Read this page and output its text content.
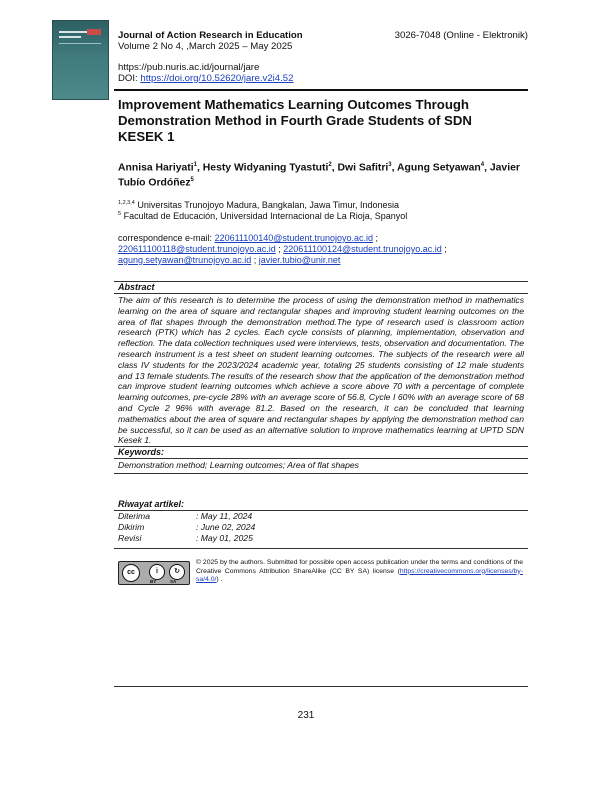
Journal of Action Research in Education
Volume 2 No 4, ,March 2025 – May 2025
https://pub.nuris.ac.id/journal/jare
DOI: https://doi.org/10.52620/jare.v2i4.52
3026-7048 (Online - Elektronik)
Improvement Mathematics Learning Outcomes Through Demonstration Method in Fourth Grade Students of SDN KESEK 1
Annisa Hariyati$^1$, Hesty Widyaning Tyastuti$^2$, Dwi Safitri$^3$, Agung Setyawan$^4$, Javier Tubío Ordóñez$^5$
$^{1,2,3,4}$ Universitas Trunojoyo Madura, Bangkalan, Jawa Timur, Indonesia
$^5$ Facultad de Educación, Universidad Internacional de La Rioja, Spanyol
correspondence e-mail: 220611100140@student.trunojoyo.ac.id ;
220611100118@student.trunojoyo.ac.id ; 220611100124@student.trunojoyo.ac.id ;
agung.setyawan@trunojoyo.ac.id ; javier.tubio@unir.net
Abstract
The aim of this research is to determine the process of using the demonstration method in mathematics learning on the area of square and rectangular shapes and improving student learning outcomes on the area of flat shapes through the demonstration method.The type of research used is classroom action research (PTK) which has 2 cycles. Each cycle consists of planning, implementation, observation and reflection. The data collection techniques used were interviews, tests, observation and documentation. The research instrument is a test sheet on student learning outcomes. The subjects of the research were all class IV students for the 2023/2024 academic year, totaling 25 students consisting of 12 male students and 13 female students.The results of the research show that the application of the demonstration method can improve student learning outcomes which achieve a score above 70 with a percentage of complete learning outcomes, pre-cycle 28% with an average score of 56.8, Cycle I 60% with an average score of 68 and Cycle 2 96% with average 81.2. Based on the research, it can be concluded that learning mathematics about the area of square and rectangular shapes by applying the demonstration method can be successful, so it can be used as an alternative solution to improve mathematics learning at UPTD SDN Kesek 1.
Keywords:
Demonstration method; Learning outcomes; Area of flat shapes
Riwayat artikel:
Diterima	: May 11, 2024
Dikirim	: June 02, 2024
Revisi	: May 01, 2025
cc	i	↻
BY	SA
© 2025 by the authors. Submitted for possible open access publication under the terms and conditions of the Creative Commons Attribution ShareAlike (CC BY SA) license (https://creativecommons.org/licenses/by-sa/4.0/) .
231
